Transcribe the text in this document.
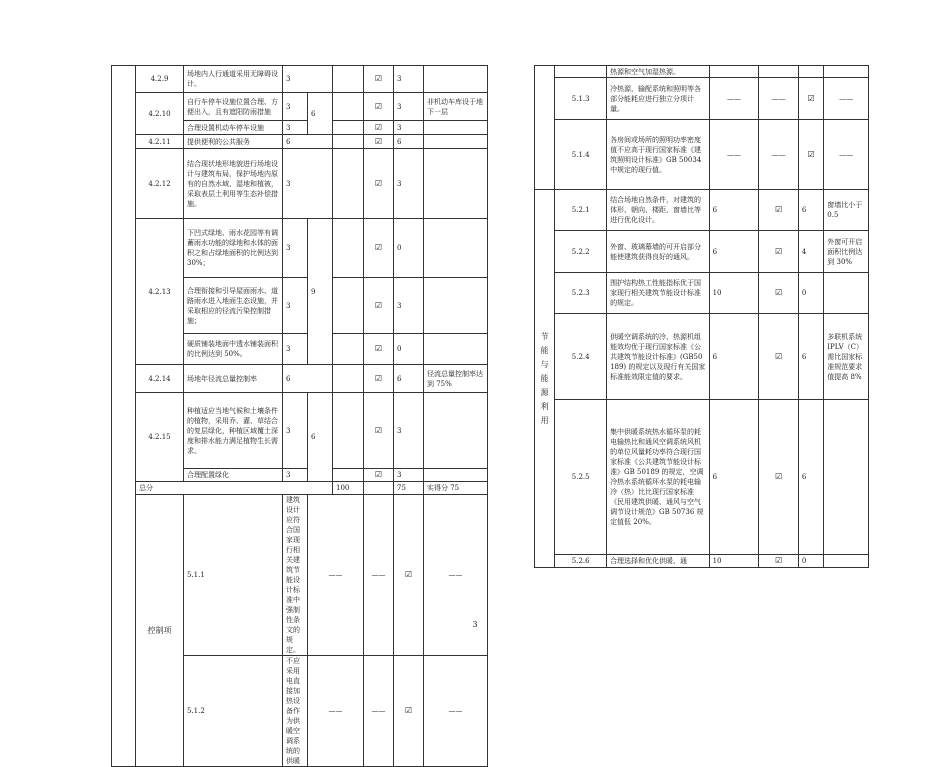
	4.2.9	场地内人行通道采用无障碍设计。	3			☑	3		
	4.2.10	自行车停车设施位置合理、方便出入，且有遮阳防雨措施	3	6		☑	3	非机动车库设于地下一层	
		合理设置机动车停车设施	3			☑	3		
	4.2.11	提供便利的公共服务	6			☑	6		
	4.2.12	结合现状地形地貌进行场地设计与建筑布局，保护场地内原有的自然水域、湿地和植被，采取表层土利用等生态补偿措施。	3			☑	3		
	4.2.13	下凹式绿地、雨水花园等有调蓄雨水功能的绿地和水体的面积之和占绿地面积的比例达到 30%；	3	9		☑	0		
		合理衔接和引导屋面雨水、道路雨水进入地面生态设施，并采取相应的径流污染控制措施；	3			☑	3		
		硬质铺装地面中透水铺装面积的比例达到 50%。	3			☑	0		
	4.2.14	场地年径流总量控制率	6			☑	6	径流总量控制率达到 75%	
	4.2.15	种植适应当地气候和土壤条件的植物，采用乔、灌、草结合的复层绿化，种植区域覆土深度和排水能力满足植物生长需求。	3	6		☑	3		
		合理配置绿化	3			☑	3		
	总分				100		75	实得分 75	
	控制项	5.1.1	建筑设计应符合国家现行相关建筑节能设计标准中强制性条文的规定。	——		——	☑	——	
		5.1.2	不应采用电直接加热设备作为供暖空调系统的供暖	——		——	☑	——	
		热源和空气加湿热源。				
	5.1.3	冷热源、输配系统和照明等各部分能耗应进行独立分项计量。	——	——	☑	——
	5.1.4	各房间或场所的照明功率密度值不应高于现行国家标准《建筑照明设计标准》GB 50034 中规定的现行值。	——	——	☑	——
节能与能源利用	5.2.1	结合场地自然条件，对建筑的体形、朝向、楼距、窗墙比等进行优化设计。	6	☑	6	窗墙比小于 0.5
	5.2.2	外窗、玻璃幕墙的可开启部分能使建筑获得良好的通风。	6	☑	4	外窗可开启面积比例达到 30%
	5.2.3	围护结构热工性能指标优于国家现行相关建筑节能设计标准的规定。	10	☑	0	
	5.2.4	供暖空调系统的冷、热源机组能效均优于现行国家标准《公共建筑节能设计标准》(GB50189) 的规定以及现行有关国家标准能效限定值的要求。	6	☑	6	多联机系统 IPLV（C）需比国家标准规范要求值提高 8%
	5.2.5	集中供暖系统热水循环泵的耗电输热比和通风空调系统风机的单位风量耗功率符合现行国家标准《公共建筑节能设计标准》GB 50189 的规定，空调冷热水系统循环水泵的耗电输冷（热）比比现行国家标准《民用建筑供暖、通风与空气调节设计规范》GB 50736 规定值低 20%。	6	☑	6	
	5.2.6	合理选择和优化供暖、通	10	☑	0	
3
